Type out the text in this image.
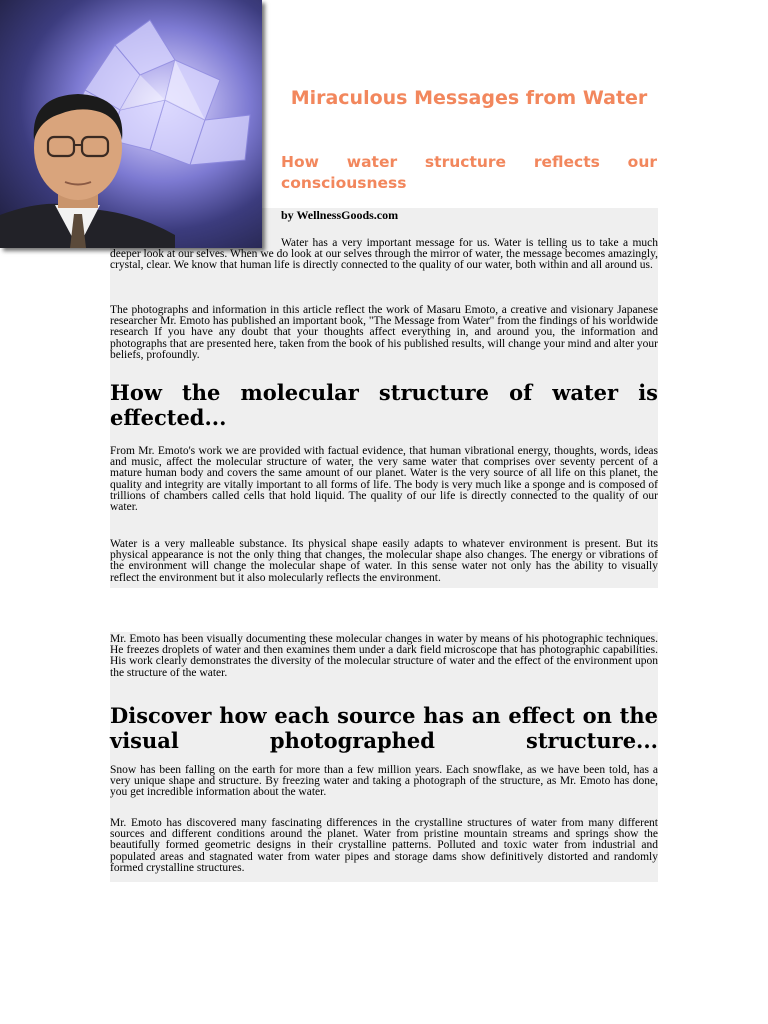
Miraculous Messages from Water
How water structure reflects our consciousness
by WellnessGoods.com

Water has a very important message for us. Water is telling us to take a much deeper look at our selves. When we do look at our selves through the mirror of water, the message becomes amazingly, crystal, clear. We know that human life is directly connected to the quality of our water, both within and all around us.

The photographs and information in this article reflect the work of Masaru Emoto, a creative and visionary Japanese researcher Mr. Emoto has published an important book, "The Message from Water" from the findings of his worldwide research If you have any doubt that your thoughts affect everything in, and around you, the information and photographs that are presented here, taken from the book of his published results, will change your mind and alter your beliefs, profoundly.

How the molecular structure of water is effected...

From Mr. Emoto's work we are provided with factual evidence, that human vibrational energy, thoughts, words, ideas and music, affect the molecular structure of water, the very same water that comprises over seventy percent of a mature human body and covers the same amount of our planet. Water is the very source of all life on this planet, the quality and integrity are vitally important to all forms of life. The body is very much like a sponge and is composed of trillions of chambers called cells that hold liquid. The quality of our life is directly connected to the quality of our water.

Water is a very malleable substance. Its physical shape easily adapts to whatever environment is present. But its physical appearance is not the only thing that changes, the molecular shape also changes. The energy or vibrations of the environment will change the molecular shape of water. In this sense water not only has the ability to visually reflect the environment but it also molecularly reflects the environment.

Mr. Emoto has been visually documenting these molecular changes in water by means of his photographic techniques. He freezes droplets of water and then examines them under a dark field microscope that has photographic capabilities. His work clearly demonstrates the diversity of the molecular structure of water and the effect of the environment upon the structure of the water.

Discover how each source has an effect on the visual photographed structure...

Snow has been falling on the earth for more than a few million years. Each snowflake, as we have been told, has a very unique shape and structure. By freezing water and taking a photograph of the structure, as Mr. Emoto has done, you get incredible information about the water.

Mr. Emoto has discovered many fascinating differences in the crystalline structures of water from many different sources and different conditions around the planet. Water from pristine mountain streams and springs show the beautifully formed geometric designs in their crystalline patterns. Polluted and toxic water from industrial and populated areas and stagnated water from water pipes and storage dams show definitively distorted and randomly formed crystalline structures.
